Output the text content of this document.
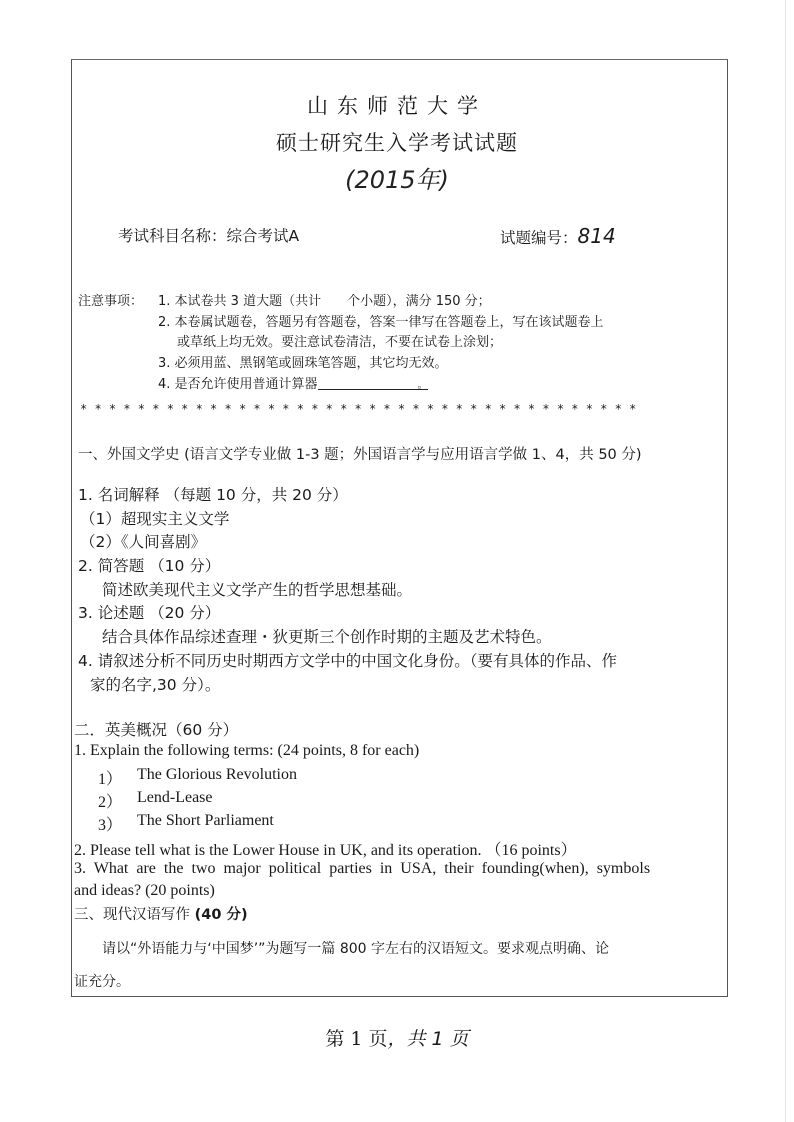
山东师范大学
硕士研究生入学考试试题
(2015年)
考试科目名称：综合考试A	试题编号：814
注意事项： 1. 本试卷共 3 道大题（共计　　个小题），满分 150 分；
2. 本卷属试题卷，答题另有答题卷，答案一律写在答题卷上，写在该试题卷上
或草纸上均无效。要注意试卷清洁，不要在试卷上涂划；
3. 必须用蓝、黑钢笔或圆珠笔答题，其它均无效。
4. 是否允许使用普通计算器	。
* * * * * * * * * * * * * * * * * * * * * * * * * * * * * * * * * * * * * * *
一、外国文学史 (语言文学专业做 1-3 题；外国语言学与应用语言学做 1、4，共 50 分)
1. 名词解释 （每题 10 分，共 20 分）
（1）超现实主义文学
（2）《人间喜剧》
2. 简答题 （10 分）
简述欧美现代主义文学产生的哲学思想基础。
3. 论述题 （20 分）
结合具体作品综述查理・狄更斯三个创作时期的主题及艺术特色。
4. 请叙述分析不同历史时期西方文学中的中国文化身份。（要有具体的作品、作
家的名字,30 分）。
二．英美概况（60 分）
1. Explain the following terms: (24 points, 8 for each)
1） The Glorious Revolution
2） Lend-Lease
3） The Short Parliament
2. Please tell what is the Lower House in UK, and its operation. （16 points）
3. What are the two major political parties in USA, their founding(when), symbols
and ideas? (20 points)
三、现代汉语写作 (40 分)
请以“外语能力与‘中国梦’”为题写一篇 800 字左右的汉语短文。要求观点明确、论
证充分。
第 1 页，共 1 页
